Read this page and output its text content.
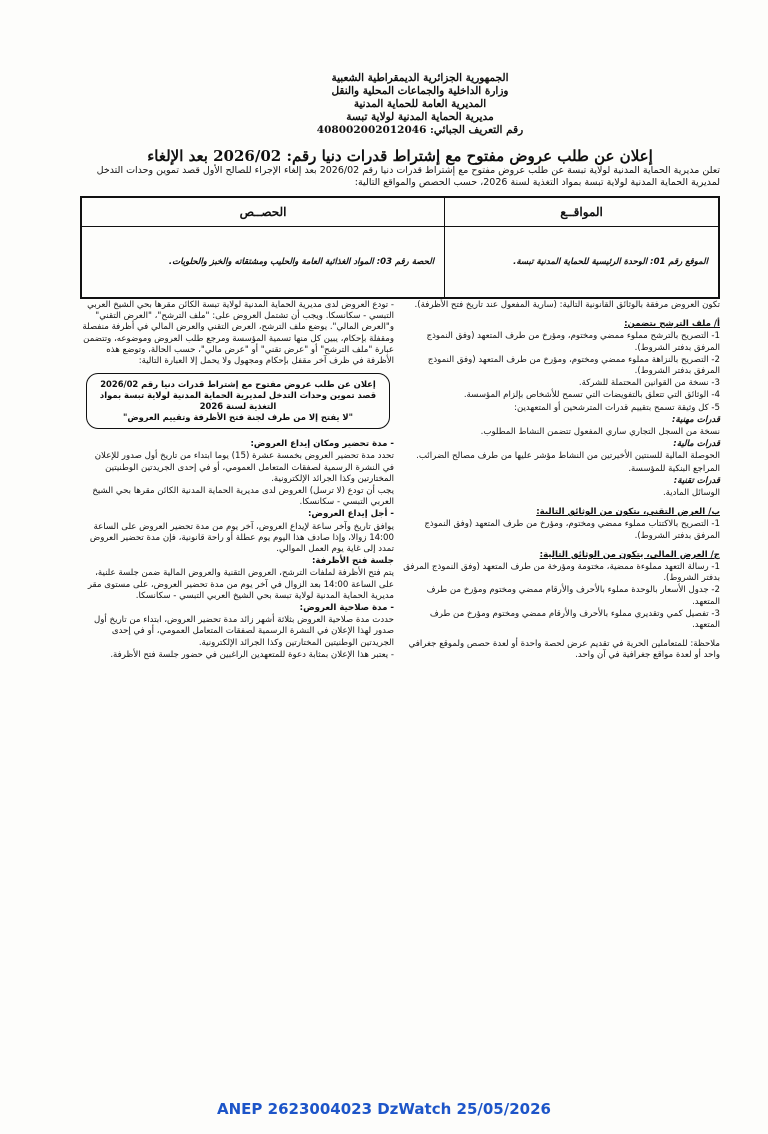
الجمهورية الجزائرية الديمقراطية الشعبية
وزارة الداخلية والجماعات المحلية والنقل
المديرية العامة للحماية المدنية
مديرية الحماية المدنية لولاية تبسة
رقم التعريف الجبائي: 408002002012046
إعلان عن طلب عروض مفتوح مع إشتراط قدرات دنيا رقم: 2026/02 بعد الإلغاء
تعلن مديرية الحماية المدنية لولاية تبسة عن طلب عروض مفتوح مع إشتراط قدرات دنيا رقم 2026/02 بعد إلغاء الإجراء للصالح الأول قصد تموين وحدات التدخل لمديرية الحماية المدنية لولاية تبسة بمواد التغذية لسنة 2026، حسب الحصص والمواقع التالية:
المواقــع	الحصــص
الموقع رقم 01: الوحدة الرئيسية للحماية المدنية تبسة.	الحصة رقم 03: المواد الغذائية العامة والحليب ومشتقاته والخبز والحلويات.

تكون العروض مرفقة بالوثائق القانونية التالية: (سارية المفعول عند تاريخ فتح الأظرفة).

أ/ ملف الترشح يتضمن:

1- التصريح بالترشح مملوء ممضي ومختوم، ومؤرخ من طرف المتعهد (وفق النموذج المرفق بدفتر الشروط).

2- التصريح بالنزاهة مملوء ممضي ومختوم، ومؤرخ من طرف المتعهد (وفق النموذج المرفق بدفتر الشروط).

3- نسخة من القوانين المحتملة للشركة.

4- الوثائق التي تتعلق بالتفويضات التي تسمح للأشخاص بإلزام المؤسسة.

5- كل وثيقة تسمح بتقييم قدرات المترشحين أو المتعهدين:

قدرات مهنية:

نسخة من السجل التجاري ساري المفعول تتضمن النشاط المطلوب.

قدرات مالية:

الحوصلة المالية للسنتين الأخيرتين من النشاط مؤشر عليها من طرف مصالح الضرائب.

المراجع البنكية للمؤسسة.

قدرات تقنية:

الوسائل المادية.

ب/ العرض التقني، يتكون من الوثائق التالية:

1- التصريح بالاكتتاب مملوء ممضي ومختوم، ومؤرخ من طرف المتعهد (وفق النموذج المرفق بدفتر الشروط).

ج/ العرض المالي، يتكون من الوثائق التالية:

1- رسالة التعهد مملوءة ممضية، مختومة ومؤرخة من طرف المتعهد (وفق النموذج المرفق بدفتر الشروط).

2- جدول الأسعار بالوحدة مملوء بالأحرف والأرقام ممضي ومختوم ومؤرخ من طرف المتعهد.

3- تفصيل كمي وتقديري مملوء بالأحرف والأرقام ممضي ومختوم ومؤرخ من طرف المتعهد.

ملاحظة: للمتعاملين الحرية في تقديم عرض لحصة واحدة أو لعدة حصص ولموقع جغرافي واحد أو لعدة مواقع جغرافية في آن واحد.

- تودع العروض لدى مديرية الحماية المدنية لولاية تبسة الكائن مقرها بحي الشيخ العربي التبسي - سكانسكا. ويجب أن تشتمل العروض على: "ملف الترشح"، "العرض التقني" و"العرض المالي". يوضع ملف الترشح، العرض التقني والعرض المالي في أظرفة منفصلة ومقفلة بإحكام، يبين كل منها تسمية المؤسسة ومرجع طلب العروض وموضوعه، وتتضمن عبارة "ملف الترشح" أو "عرض تقني" أو "عرض مالي"، حسب الحالة، وتوضع هذه الأظرفة في ظرف آخر مقفل بإحكام ومجهول ولا يحمل إلا العبارة التالية:

إعلان عن طلب عروض مفتوح مع إشتراط قدرات دنيا رقم 2026/02
قصد تموين وحدات التدخل لمديرية الحماية المدنية لولاية تبسة بمواد التغذية لسنة 2026
"لا يفتح إلا من طرف لجنة فتح الأظرفة وتقييم العروض"

- مدة تحضير ومكان إيداع العروض:

تحدد مدة تحضير العروض بخمسة عشرة (15) يوما ابتداء من تاريخ أول صدور للإعلان في النشرة الرسمية لصفقات المتعامل العمومي، أو في إحدى الجريدتين الوطنيتين المختارتين وكذا الجرائد الإلكترونية.

يجب أن تودع (لا ترسل) العروض لدى مديرية الحماية المدنية الكائن مقرها بحي الشيخ العربي التبسي - سكانسكا.

- أجل إيداع العروض:

يوافق تاريخ وآخر ساعة لإيداع العروض، آخر يوم من مدة تحضير العروض على الساعة 14:00 زوالا، وإذا صادف هذا اليوم يوم عطلة أو راحة قانونية، فإن مدة تحضير العروض تمدد إلى غاية يوم العمل الموالي.

جلسة فتح الأظرفة:

يتم فتح الأظرفة لملفات الترشح، العروض التقنية والعروض المالية ضمن جلسة علنية، على الساعة 14:00 بعد الزوال في آخر يوم من مدة تحضير العروض، على مستوى مقر مديرية الحماية المدنية لولاية تبسة بحي الشيخ العربي التبسي - سكانسكا.

- مدة صلاحية العروض:

حددت مدة صلاحية العروض بثلاثة أشهر زائد مدة تحضير العروض، ابتداء من تاريخ أول صدور لهذا الإعلان في النشرة الرسمية لصفقات المتعامل العمومي، أو في إحدى الجريدتين الوطنيتين المختارتين وكذا الجرائد الإلكترونية.

- يعتبر هذا الإعلان بمثابة دعوة للمتعهدين الراغبين في حضور جلسة فتح الأظرفة.

ANEP 2623004023 DzWatch 25/05/2026
